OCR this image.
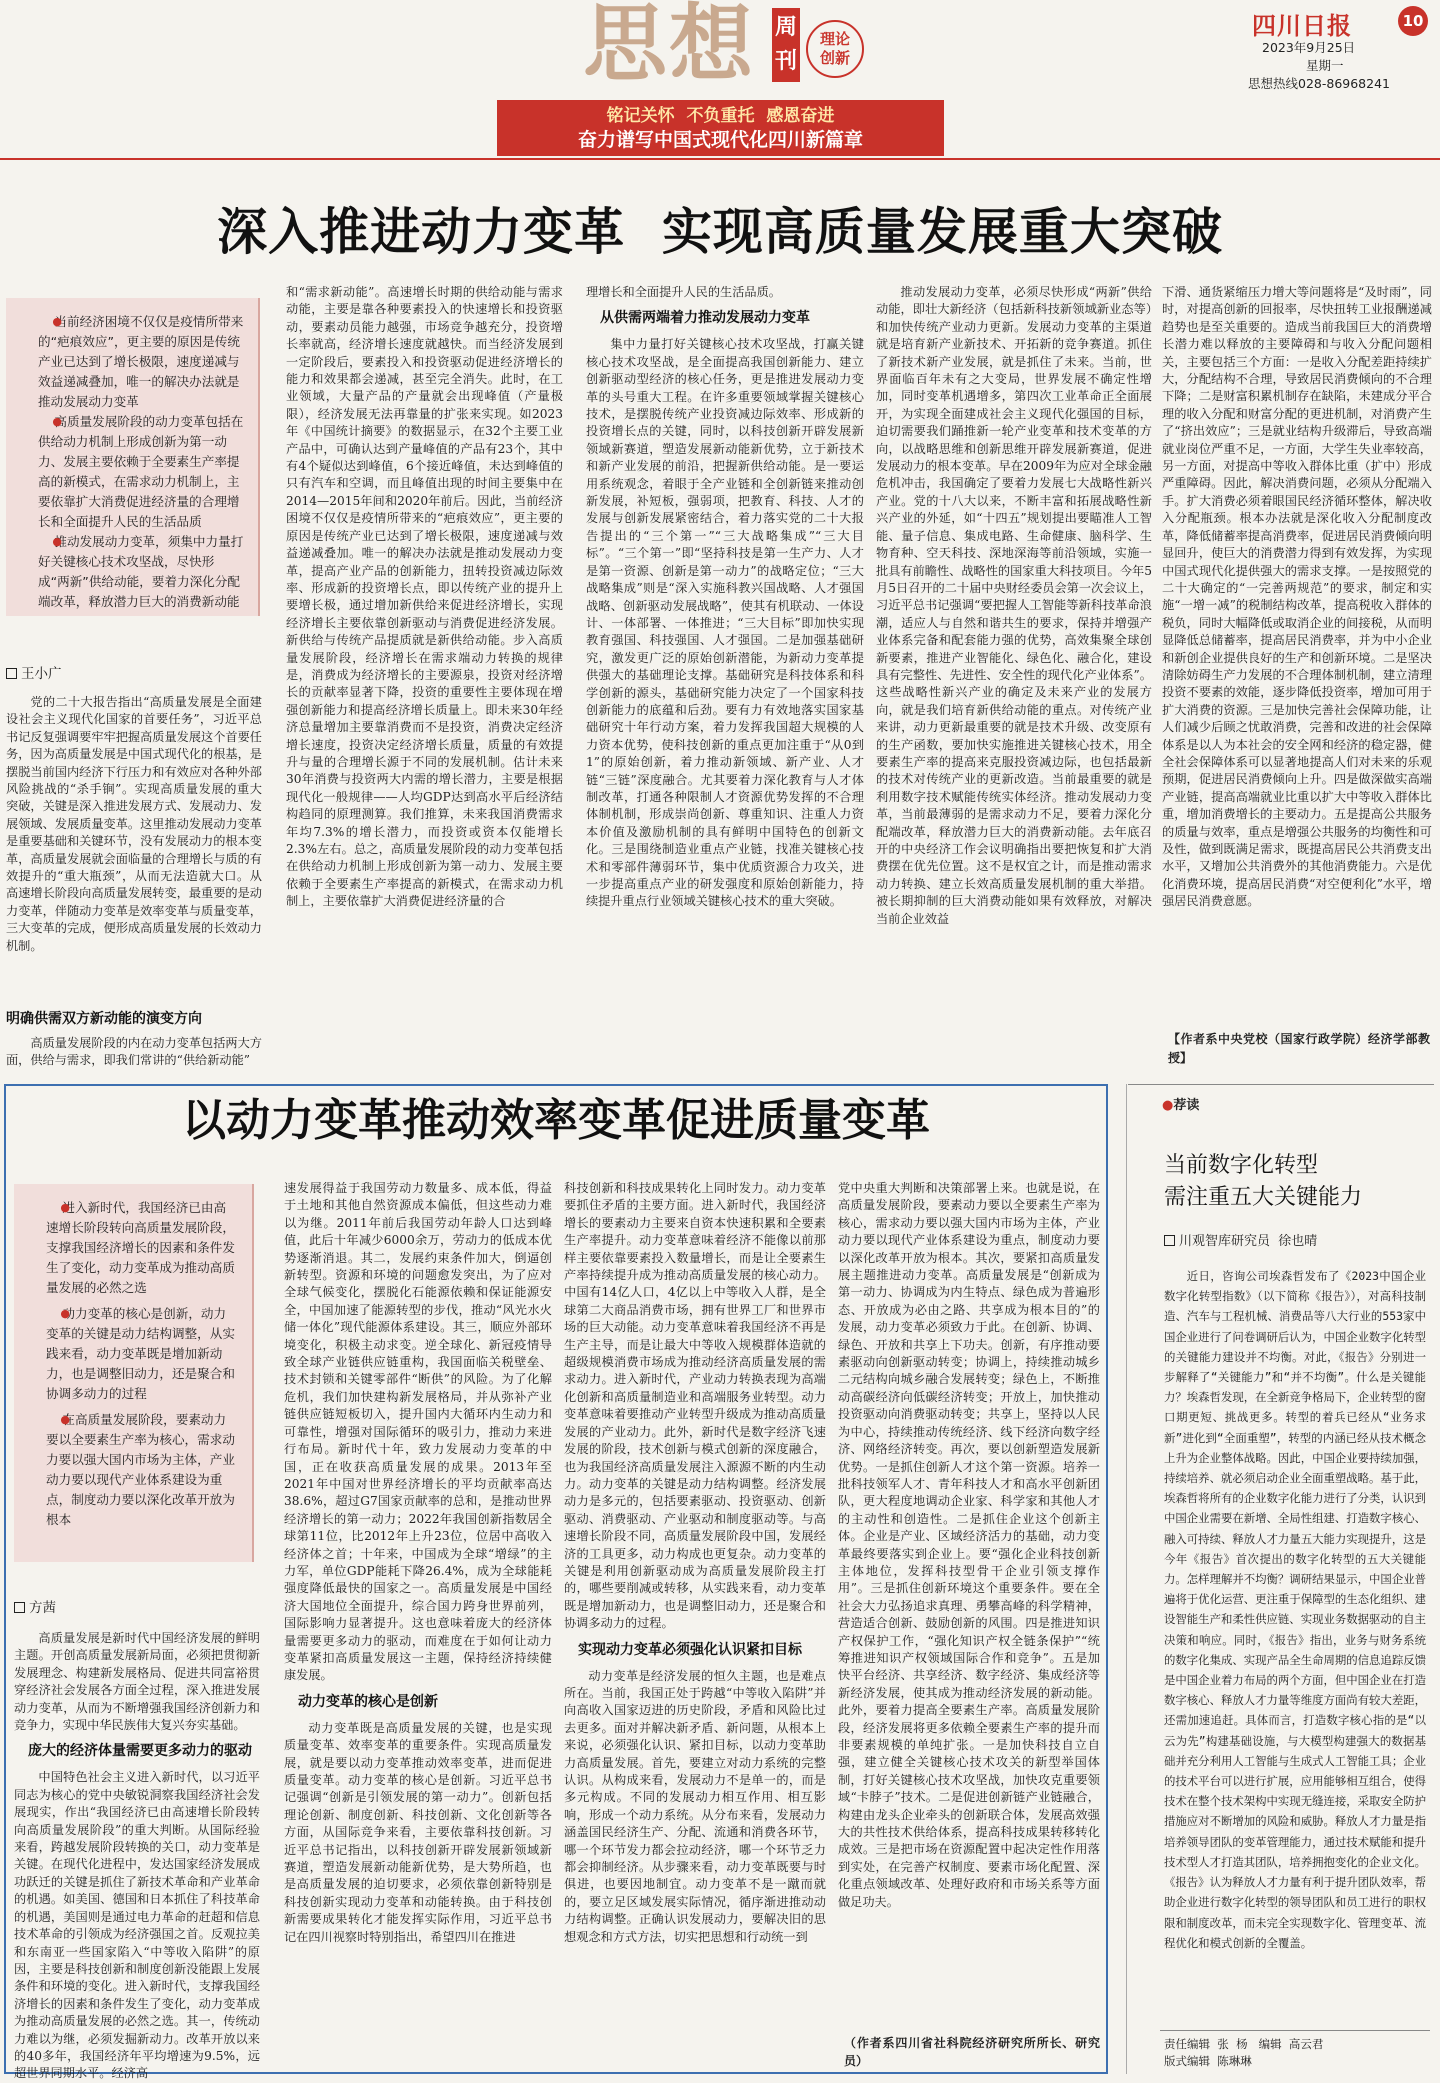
思想 周刊
理论
创新
四川日报	10
2023年9月25日
星期一
思想热线028-86968241
铭记关怀  不负重托  感恩奋进
奋力谱写中国式现代化四川新篇章
深入推进动力变革  实现高质量发展重大突破

● 当前经济困境不仅仅是疫情所带来的“疤痕效应”，更主要的原因是传统产业已达到了增长极限，速度递减与效益递减叠加，唯一的解决办法就是推动发展动力变革

● 高质量发展阶段的动力变革包括在供给动力机制上形成创新为第一动力、发展主要依赖于全要素生产率提高的新模式，在需求动力机制上，主要依靠扩大消费促进经济量的合理增长和全面提升人民的生活品质

● 推动发展动力变革，须集中力量打好关键核心技术攻坚战，尽快形成“两新”供给动能，要着力深化分配端改革，释放潜力巨大的消费新动能

王小广

党的二十大报告指出“高质量发展是全面建设社会主义现代化国家的首要任务”，习近平总书记反复强调要牢牢把握高质量发展这个首要任务，因为高质量发展是中国式现代化的根基，是摆脱当前国内经济下行压力和有效应对各种外部风险挑战的“杀手锏”。实现高质量发展的重大突破，关键是深入推进发展方式、发展动力、发展领域、发展质量变革。这里推动发展动力变革是重要基础和关键环节，没有发展动力的根本变革，高质量发展就会面临量的合理增长与质的有效提升的“重大瓶颈”，从而无法造就大口。从高速增长阶段向高质量发展转变，最重要的是动力变革，伴随动力变革是效率变革与质量变革，三大变革的完成，便形成高质量发展的长效动力机制。

明确供需双方新动能的演变方向

高质量发展阶段的内在动力变革包括两大方面，供给与需求，即我们常讲的“供给新动能”

和“需求新动能”。高速增长时期的供给动能与需求动能，主要是靠各种要素投入的快速增长和投资驱动，要素动员能力越强，市场竞争越充分，投资增长率就高，经济增长速度就越快。而当经济发展到一定阶段后，要素投入和投资驱动促进经济增长的能力和效果都会递减，甚至完全消失。此时，在工业领域，大量产品的产量就会出现峰值（产量极限），经济发展无法再靠量的扩张来实现。如2023年《中国统计摘要》的数据显示，在32个主要工业产品中，可确认达到产量峰值的产品有23个，其中有4个疑似达到峰值，6个接近峰值，未达到峰值的只有汽车和空调，而且峰值出现的时间主要集中在2014—2015年间和2020年前后。因此，当前经济困境不仅仅是疫情所带来的“疤痕效应”，更主要的原因是传统产业已达到了增长极限，速度递减与效益递减叠加。唯一的解决办法就是推动发展动力变革，提高产业产品的创新能力，扭转投资减边际效率、形成新的投资增长点，即以传统产业的提升上要增长极，通过增加新供给来促进经济增长，实现经济增长主要依靠创新驱动与消费促进经济发展。新供给与传统产品提质就是新供给动能。步入高质量发展阶段，经济增长在需求端动力转换的规律是，消费成为经济增长的主要源泉，投资对经济增长的贡献率显著下降，投资的重要性主要体现在增强创新能力和提高经济增长质量上。即未来30年经济总量增加主要靠消费而不是投资，消费决定经济增长速度，投资决定经济增长质量，质量的有效提升与量的合理增长源于不同的发展机制。估计未来30年消费与投资两大内需的增长潜力，主要是根据现代化一般规律——人均GDP达到高水平后经济结构趋同的原理测算。我们推算，未来我国消费需求年均7.3%的增长潜力，而投资或资本仅能增长2.3%左右。总之，高质量发展阶段的动力变革包括在供给动力机制上形成创新为第一动力、发展主要依赖于全要素生产率提高的新模式，在需求动力机制上，主要依靠扩大消费促进经济量的合

理增长和全面提升人民的生活品质。

从供需两端着力推动发展动力变革

集中力量打好关键核心技术攻坚战，打赢关键核心技术攻坚战，是全面提高我国创新能力、建立创新驱动型经济的核心任务，更是推进发展动力变革的头号重大工程。在许多重要领域掌握关键核心技术，是摆脱传统产业投资减边际效率、形成新的投资增长点的关键，同时，以科技创新开辟发展新领域新赛道，塑造发展新动能新优势，立于新技术和新产业发展的前沿，把握新供给动能。是一要运用系统观念，着眼于全产业链和全创新链来推动创新发展，补短板，强弱项，把教育、科技、人才的发展与创新发展紧密结合，着力落实党的二十大报告提出的“三个第一”“三大战略集成”“三大目标”。“三个第一”即“坚持科技是第一生产力、人才是第一资源、创新是第一动力”的战略定位；“三大战略集成”则是“深入实施科教兴国战略、人才强国战略、创新驱动发展战略”，使其有机联动、一体设计、一体部署、一体推进；“三大目标”即加快实现教育强国、科技强国、人才强国。二是加强基础研究，激发更广泛的原始创新潜能，为新动力变革提供强大的基础理论支撑。基础研究是科技体系和科学创新的源头，基础研究能力决定了一个国家科技创新能力的底蕴和后劲。要有力有效地落实国家基础研究十年行动方案，着力发挥我国超大规模的人力资本优势，使科技创新的重点更加注重于“从0到1”的原始创新，着力推动新领域、新产业、人才链“三链”深度融合。尤其要着力深化教育与人才体制改革，打通各种限制人才资源优势发挥的不合理体制机制，形成崇尚创新、尊重知识、注重人力资本价值及激励机制的具有鲜明中国特色的创新文化。三是围绕制造业重点产业链，找准关键核心技术和零部件薄弱环节，集中优质资源合力攻关，进一步提高重点产业的研发强度和原始创新能力，持续提升重点行业领域关键核心技术的重大突破。

推动发展动力变革，必须尽快形成“两新”供给动能，即壮大新经济（包括新科技新领域新业态等）和加快传统产业动力更新。发展动力变革的主渠道就是培育新产业新技术、开拓新的竞争赛道。抓住了新技术新产业发展，就是抓住了未来。当前，世界面临百年未有之大变局，世界发展不确定性增加，同时变革机遇增多，第四次工业革命正全面展开，为实现全面建成社会主义现代化强国的目标，迫切需要我们踊推新一轮产业变革和技术变革的方向，以战略思维和创新思维开辟发展新赛道，促进发展动力的根本变革。早在2009年为应对全球金融危机冲击，我国确定了要着力发展七大战略性新兴产业。党的十八大以来，不断丰富和拓展战略性新兴产业的外延，如“十四五”规划提出要瞄准人工智能、量子信息、集成电路、生命健康、脑科学、生物育种、空天科技、深地深海等前沿领域，实施一批具有前瞻性、战略性的国家重大科技项目。今年5月5日召开的二十届中央财经委员会第一次会议上，习近平总书记强调“要把握人工智能等新科技革命浪潮，适应人与自然和谐共生的要求，保持并增强产业体系完备和配套能力强的优势，高效集聚全球创新要素，推进产业智能化、绿色化、融合化，建设具有完整性、先进性、安全性的现代化产业体系”。这些战略性新兴产业的确定及未来产业的发展方向，就是我们培育新供给动能的重点。对传统产业来讲，动力更新最重要的就是技术升级、改变原有的生产函数，要加快实施推进关键核心技术，用全要素生产率的提高来克服投资减边际，也包括最新的技术对传统产业的更新改造。当前最重要的就是利用数字技术赋能传统实体经济。推动发展动力变革，当前最薄弱的是需求动力不足，要着力深化分配端改革，释放潜力巨大的消费新动能。去年底召开的中央经济工作会议明确指出要把恢复和扩大消费摆在优先位置。这不是权宜之计，而是推动需求动力转换、建立长效高质量发展机制的重大举措。被长期抑制的巨大消费动能如果有效释放，对解决当前企业效益

下滑、通货紧缩压力增大等问题将是“及时雨”，同时，对提高创新的回报率，尽快扭转工业报酬递减趋势也是至关重要的。造成当前我国巨大的消费增长潜力难以释放的主要障碍和与收入分配问题相关，主要包括三个方面：一是收入分配差距持续扩大，分配结构不合理，导致居民消费倾向的不合理下降；二是财富积累机制存在缺陷，未建成分平合理的收入分配和财富分配的更进机制，对消费产生了“挤出效应”；三是就业结构升级滞后，导致高端就业岗位严重不足，一方面，大学生失业率较高，另一方面，对提高中等收入群体比重（扩中）形成严重障碍。因此，解决消费问题，必须从分配端入手。扩大消费必须着眼国民经济循环整体，解决收入分配瓶颈。根本办法就是深化收入分配制度改革，降低储蓄率提高消费率，促进居民消费倾向明显回升，使巨大的消费潜力得到有效发挥，为实现中国式现代化提供强大的需求支撑。一是按照党的二十大确定的“一完善两规范”的要求，制定和实施“一增一减”的税制结构改革，提高税收入群体的税负，同时大幅降低或取消企业的间接税，从而明显降低总储蓄率，提高居民消费率，并为中小企业和新创企业提供良好的生产和创新环境。二是坚决清除妨碍生产力发展的不合理体制机制，建立清理投资不要素的效能，逐步降低投资率，增加可用于扩大消费的资源。三是加快完善社会保障功能，让人们减少后顾之忧敢消费，完善和改进的社会保障体系是以人为本社会的安全网和经济的稳定器，健全社会保障体系可以显著地提高人们对未来的乐观预期，促进居民消费倾向上升。四是做深做实高端产业链，提高高端就业比重以扩大中等收入群体比重，增加消费增长的主要动力。五是提高公共服务的质量与效率，重点是增强公共服务的均衡性和可及性，做到既满足需求，既提高居民公共消费支出水平，又增加公共消费外的其他消费能力。六是优化消费环境，提高居民消费“对空便利化”水平，增强居民消费意愿。

【作者系中央党校（国家行政学院）经济学部教授】
以动力变革推动效率变革促进质量变革

● 进入新时代，我国经济已由高速增长阶段转向高质量发展阶段，支撑我国经济增长的因素和条件发生了变化，动力变革成为推动高质量发展的必然之选

● 动力变革的核心是创新，动力变革的关键是动力结构调整，从实践来看，动力变革既是增加新动力，也是调整旧动力，还是聚合和协调多动力的过程

● 在高质量发展阶段，要素动力要以全要素生产率为核心，需求动力要以强大国内市场为主体，产业动力要以现代产业体系建设为重点，制度动力要以深化改革开放为根本

方茜

高质量发展是新时代中国经济发展的鲜明主题。开创高质量发展新局面，必须把贯彻新发展理念、构建新发展格局、促进共同富裕贯穿经济社会发展各方面全过程，深入推进发展动力变革，从而为不断增强我国经济创新力和竞争力，实现中华民族伟大复兴夯实基础。

庞大的经济体量需要更多动力的驱动

中国特色社会主义进入新时代，以习近平同志为核心的党中央敏锐洞察我国经济社会发展现实，作出“我国经济已由高速增长阶段转向高质量发展阶段”的重大判断。从国际经验来看，跨越发展阶段转换的关口，动力变革是关键。在现代化进程中，发达国家经济发展成功跃迁的关键是抓住了新技术革命和产业革命的机遇。如美国、德国和日本抓住了科技革命的机遇，美国则是通过电力革命的赶超和信息技术革命的引领成为经济强国之首。反观拉美和东南亚一些国家陷入“中等收入陷阱”的原因，主要是科技创新和制度创新没能跟上发展条件和环境的变化。进入新时代，支撑我国经济增长的因素和条件发生了变化，动力变革成为推动高质量发展的必然之选。其一，传统动力难以为继，必须发掘新动力。改革开放以来的40多年，我国经济年平均增速为9.5%，远超世界同期水平。经济高

速发展得益于我国劳动力数量多、成本低，得益于土地和其他自然资源成本偏低，但这些动力难以为继。2011年前后我国劳动年龄人口达到峰值，此后十年减少6000余万，劳动力的低成本优势逐渐消退。其二，发展约束条件加大，倒逼创新转型。资源和环境的问题愈发突出，为了应对全球气候变化，摆脱化石能源依赖和保证能源安全，中国加速了能源转型的步伐，推动“风光水火储一体化”现代能源体系建设。其三，顺应外部环境变化，积极主动求变。逆全球化、新冠疫情导致全球产业链供应链重构，我国面临关税壁垒、技术封锁和关键零部件“断供”的风险。为了化解危机，我们加快建构新发展格局，并从弥补产业链供应链短板切入，提升国内大循环内生动力和可靠性，增强对国际循环的吸引力，推动力来进行布局。新时代十年，致力发展动力变革的中国，正在收获高质量发展的成果。2013年至2021年中国对世界经济增长的平均贡献率高达38.6%，超过G7国家贡献率的总和，是推动世界经济增长的第一动力；2022年我国创新指数居全球第11位，比2012年上升23位，位居中高收入经济体之首；十年来，中国成为全球“增绿”的主力军，单位GDP能耗下降26.4%，成为全球能耗强度降低最快的国家之一。高质量发展是中国经济大国地位全面提升，综合国力跨身世界前列，国际影响力显著提升。这也意味着庞大的经济体量需要更多动力的驱动，而难度在于如何让动力变革紧扣高质量发展这一主题，保持经济持续健康发展。

动力变革的核心是创新

动力变革既是高质量发展的关键，也是实现质量变革、效率变革的重要条件。实现高质量发展，就是要以动力变革推动效率变革，进而促进质量变革。动力变革的核心是创新。习近平总书记强调“创新是引领发展的第一动力”。创新包括理论创新、制度创新、科技创新、文化创新等各方面，从国际竞争来看，主要依靠科技创新。习近平总书记指出，以科技创新开辟发展新领域新赛道，塑造发展新动能新优势，是大势所趋，也是高质量发展的迫切要求，必须依靠创新特别是科技创新实现动力变革和动能转换。由于科技创新需要成果转化才能发挥实际作用，习近平总书记在四川视察时特别指出，希望四川在推进

科技创新和科技成果转化上同时发力。动力变革要抓住矛盾的主要方面。进入新时代，我国经济增长的要素动力主要来自资本快速积累和全要素生产率提升。动力变革意味着经济不能像以前那样主要依靠要素投入数量增长，而是让全要素生产率持续提升成为推动高质量发展的核心动力。中国有14亿人口，4亿以上中等收入人群，是全球第二大商品消费市场，拥有世界工厂和世界市场的巨大动能。动力变革意味着我国经济不再是生产主导，而是让最大中等收入规模群体造就的超级规模消费市场成为推动经济高质量发展的需求动力。进入新时代，产业动力转换表现为高端化创新和高质量制造业和高端服务业转型。动力变革意味着要推动产业转型升级成为推动高质量发展的产业动力。此外，新时代是数字经济飞速发展的阶段，技术创新与模式创新的深度融合，也为我国经济高质量发展注入源源不断的内生动力。动力变革的关键是动力结构调整。经济发展动力是多元的，包括要素驱动、投资驱动、创新驱动、消费驱动、产业驱动和制度驱动等。与高速增长阶段不同，高质量发展阶段中国，发展经济的工具更多，动力构成也更复杂。动力变革的关键是利用创新驱动成为高质量发展阶段主打的，哪些要削减或转移，从实践来看，动力变革既是增加新动力，也是调整旧动力，还是聚合和协调多动力的过程。

实现动力变革必须强化认识紧扣目标

动力变革是经济发展的恒久主题，也是难点所在。当前，我国正处于跨越“中等收入陷阱”并向高收入国家迈进的历史阶段，矛盾和风险比过去更多。面对并解决新矛盾、新问题，从根本上来说，必须强化认识、紧扣目标，以动力变革助力高质量发展。首先，要建立对动力系统的完整认识。从构成来看，发展动力不是单一的，而是多元构成。不同的发展动力相互作用、相互影响，形成一个动力系统。从分布来看，发展动力涵盖国民经济生产、分配、流通和消费各环节，哪一个环节发力都会拉动经济，哪一个环节乏力都会抑制经济。从步骤来看，动力变革既要与时俱进，也要因地制宜。动力变革不是一蹴而就的，要立足区域发展实际情况，循序渐进推动动力结构调整。正确认识发展动力，要解决旧的思想观念和方式方法，切实把思想和行动统一到

党中央重大判断和决策部署上来。也就是说，在高质量发展阶段，要素动力要以全要素生产率为核心，需求动力要以强大国内市场为主体，产业动力要以现代产业体系建设为重点，制度动力要以深化改革开放为根本。其次，要紧扣高质量发展主题推进动力变革。高质量发展是“创新成为第一动力、协调成为内生特点、绿色成为普遍形态、开放成为必由之路、共享成为根本目的”的发展，动力变革必须致力于此。在创新、协调、绿色、开放和共享上下功夫。创新，有序推动要素驱动向创新驱动转变；协调上，持续推动城乡二元结构向城乡融合发展转变；绿色上，不断推动高碳经济向低碳经济转变；开放上，加快推动投资驱动向消费驱动转变；共享上，坚持以人民为中心，持续推动传统经济、线下经济向数字经济、网络经济转变。再次，要以创新塑造发展新优势。一是抓住创新人才这个第一资源。培养一批科技领军人才、青年科技人才和高水平创新团队，更大程度地调动企业家、科学家和其他人才的主动性和创造性。二是抓住企业这个创新主体。企业是产业、区域经济活力的基础，动力变革最终要落实到企业上。要“强化企业科技创新主体地位，发挥科技型骨干企业引领支撑作用”。三是抓住创新环境这个重要条件。要在全社会大力弘扬追求真理、勇攀高峰的科学精神，营造适合创新、鼓励创新的风围。四是推进知识产权保护工作，“强化知识产权全链条保护”“统筹推进知识产权领域国际合作和竞争”。五是加快平台经济、共享经济、数字经济、集成经济等新经济发展，使其成为推动经济发展的新动能。此外，要着力提高全要素生产率。高质量发展阶段，经济发展将更多依赖全要素生产率的提升而非要素规模的单纯扩张。一是加快科技自立自强，建立健全关键核心技术攻关的新型举国体制，打好关键核心技术攻坚战，加快攻克重要领域“卡脖子”技术。二是促进创新链产业链融合，构建由龙头企业牵头的创新联合体，发展高效强大的共性技术供给体系，提高科技成果转移转化成效。三是把市场在资源配置中起决定性作用落到实处，在完善产权制度、要素市场化配置、深化重点领域改革、处理好政府和市场关系等方面做足功夫。

（作者系四川省社科院经济研究所所长、研究员）
●荐读
当前数字化转型
需注重五大关键能力
川观智库研究员  徐也晴

近日，咨询公司埃森哲发布了《2023中国企业数字化转型指数》（以下简称《报告》），对高科技制造、汽车与工程机械、消费品等八大行业的553家中国企业进行了问卷调研后认为，中国企业数字化转型的关键能力建设并不均衡。对此，《报告》分别进一步解释了“关键能力”和“并不均衡”。什么是关键能力？埃森哲发现，在全新竞争格局下，企业转型的窗口期更短、挑战更多。转型的着兵已经从“业务求新”进化到“全面重塑”，转型的内涵已经从技术概念上升为企业整体战略。因此，中国企业要持续加强，持续培养、就必须启动企业全面重塑战略。基于此，埃森哲将所有的企业数字化能力进行了分类，认识到中国企业需要在新增、全局性组建、打造数字核心、融入可持续、释放人才力量五大能力实现提升，这是今年《报告》首次提出的数字化转型的五大关键能力。怎样理解并不均衡？调研结果显示，中国企业普遍将于优化运营、更注重于保障型的生态化组织、建设智能生产和柔性供应链、实现业务数据驱动的自主决策和响应。同时，《报告》指出，业务与财务系统的数字化集成、实现产品全生命周期的信息追踪反馈是中国企业着力布局的两个方面，但中国企业在打造数字核心、释放人才力量等维度方面尚有较大差距，还需加速追赶。具体而言，打造数字核心指的是“以云为先”构建基础设施，与大模型构建强大的数据基础并充分利用人工智能与生成式人工智能工具；企业的技术平台可以进行扩展，应用能够相互组合，使得技术在整个技术架构中实现无缝连接，采取安全防护措施应对不断增加的风险和威胁。释放人才力量是指培养领导团队的变革管理能力，通过技术赋能和提升技术型人才打造其团队，培养拥抱变化的企业文化。《报告》认为释放人才力量有利于提升团队效率，帮助企业进行数字化转型的领导团队和员工进行的职权限和制度改革，而未完全实现数字化、管理变革、流程优化和模式创新的全覆盖。

责任编辑  张  杨   编辑  高云君
版式编辑  陈琳琳
